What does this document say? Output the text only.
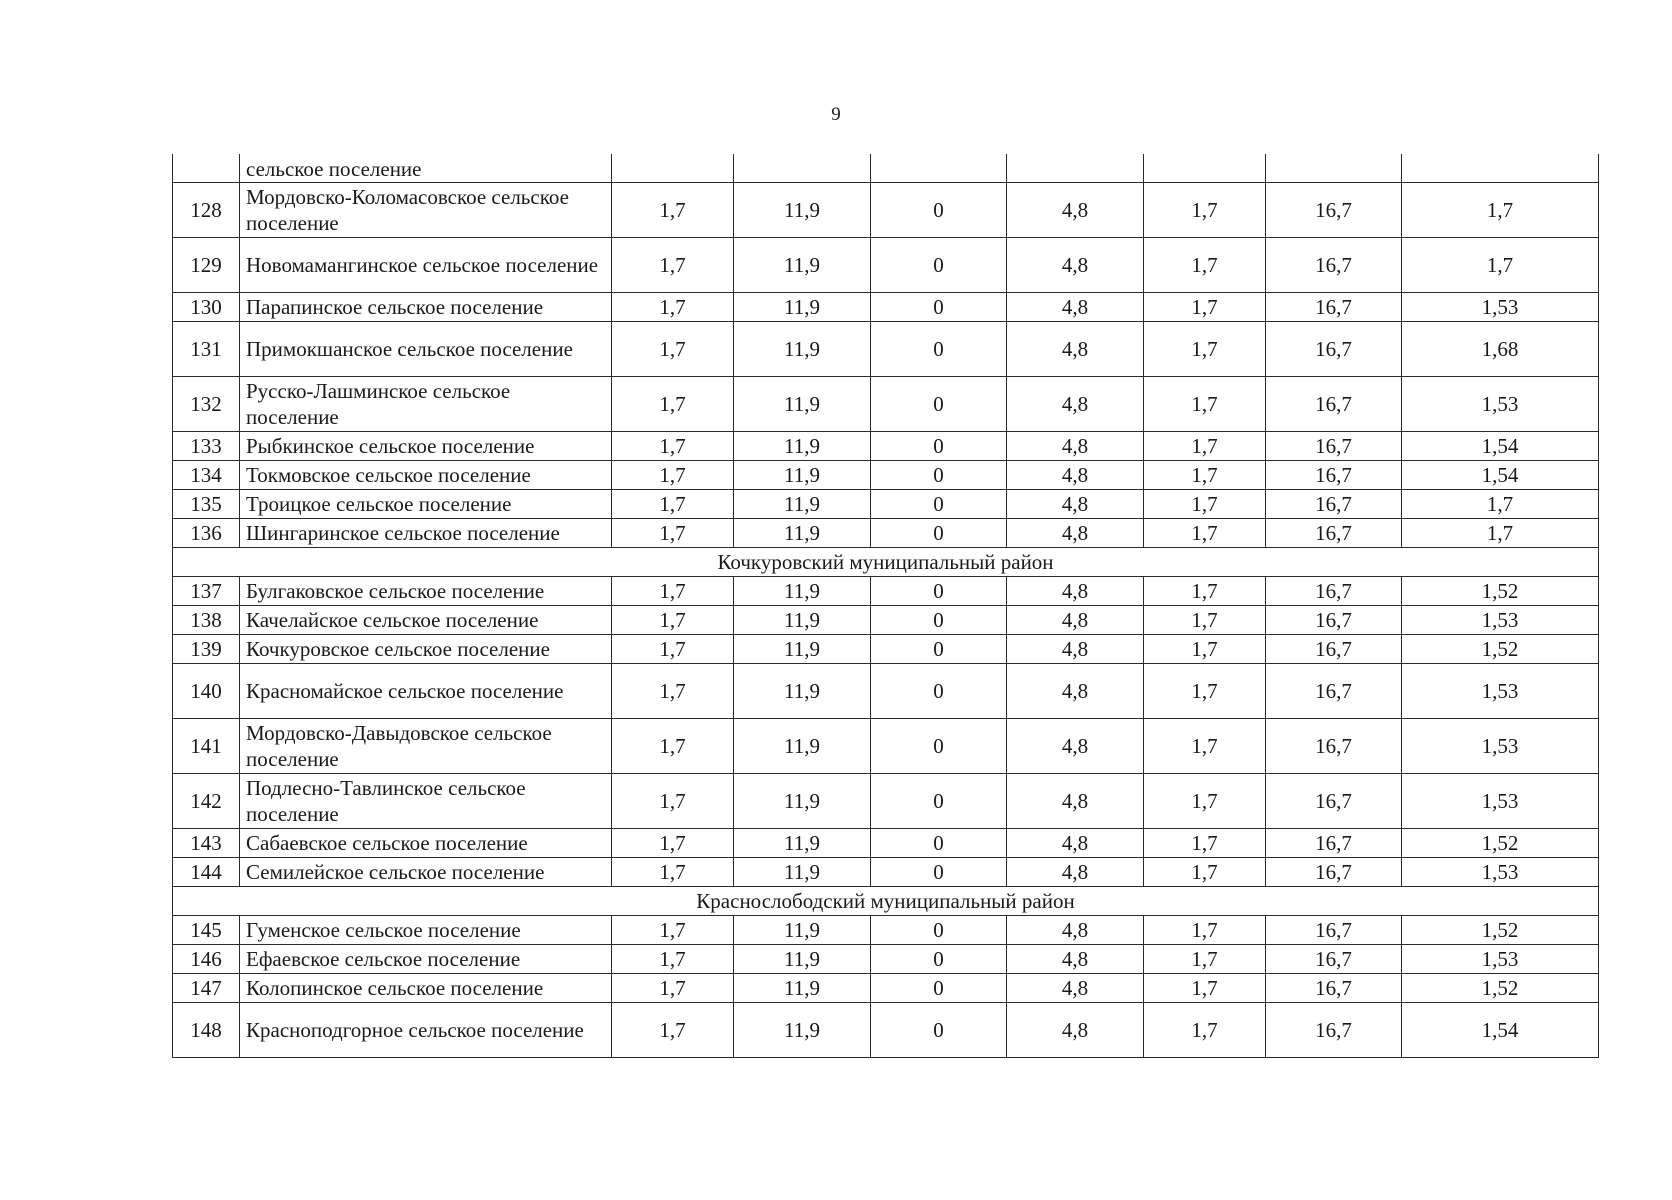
9
	сельское поселение							
128	Мордовско-Коломасовское сельское поселение	1,7	11,9	0	4,8	1,7	16,7	1,7
129	Новомамангинское сельское поселение	1,7	11,9	0	4,8	1,7	16,7	1,7
130	Парапинское сельское поселение	1,7	11,9	0	4,8	1,7	16,7	1,53
131	Примокшанское сельское поселение	1,7	11,9	0	4,8	1,7	16,7	1,68
132	Русско-Лашминское сельское поселение	1,7	11,9	0	4,8	1,7	16,7	1,53
133	Рыбкинское сельское поселение	1,7	11,9	0	4,8	1,7	16,7	1,54
134	Токмовское сельское поселение	1,7	11,9	0	4,8	1,7	16,7	1,54
135	Троицкое сельское поселение	1,7	11,9	0	4,8	1,7	16,7	1,7
136	Шингаринское сельское поселение	1,7	11,9	0	4,8	1,7	16,7	1,7
Кочкуровский муниципальный район								
137	Булгаковское сельское поселение	1,7	11,9	0	4,8	1,7	16,7	1,52
138	Качелайское сельское поселение	1,7	11,9	0	4,8	1,7	16,7	1,53
139	Кочкуровское сельское поселение	1,7	11,9	0	4,8	1,7	16,7	1,52
140	Красномайское сельское поселение	1,7	11,9	0	4,8	1,7	16,7	1,53
141	Мордовско-Давыдовское сельское поселение	1,7	11,9	0	4,8	1,7	16,7	1,53
142	Подлесно-Тавлинское сельское поселение	1,7	11,9	0	4,8	1,7	16,7	1,53
143	Сабаевское сельское поселение	1,7	11,9	0	4,8	1,7	16,7	1,52
144	Семилейское сельское поселение	1,7	11,9	0	4,8	1,7	16,7	1,53
Краснослободский муниципальный район								
145	Гуменское сельское поселение	1,7	11,9	0	4,8	1,7	16,7	1,52
146	Ефаевское сельское поселение	1,7	11,9	0	4,8	1,7	16,7	1,53
147	Колопинское сельское поселение	1,7	11,9	0	4,8	1,7	16,7	1,52
148	Красноподгорное сельское поселение	1,7	11,9	0	4,8	1,7	16,7	1,54
